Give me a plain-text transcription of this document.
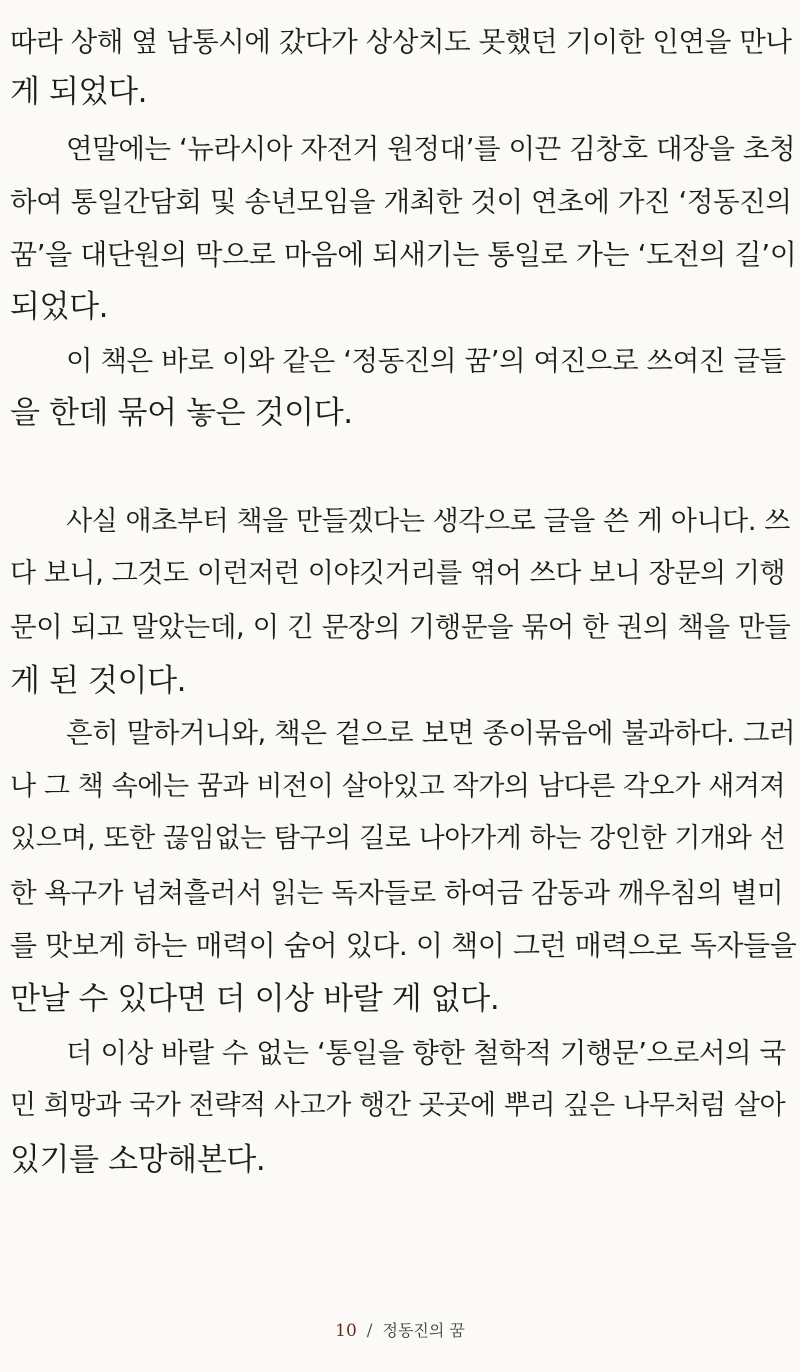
따라 상해 옆 남통시에 갔다가 상상치도 못했던 기이한 인연을 만나
게 되었다.
연말에는 ‘뉴라시아 자전거 원정대’를 이끈 김창호 대장을 초청
하여 통일간담회 및 송년모임을 개최한 것이 연초에 가진 ‘정동진의
꿈’을 대단원의 막으로 마음에 되새기는 통일로 가는 ‘도전의 길’이
되었다.
이 책은 바로 이와 같은 ‘정동진의 꿈’의 여진으로 쓰여진 글들
을 한데 묶어 놓은 것이다.
사실 애초부터 책을 만들겠다는 생각으로 글을 쓴 게 아니다. 쓰
다 보니, 그것도 이런저런 이야깃거리를 엮어 쓰다 보니 장문의 기행
문이 되고 말았는데, 이 긴 문장의 기행문을 묶어 한 권의 책을 만들
게 된 것이다.
흔히 말하거니와, 책은 겉으로 보면 종이묶음에 불과하다. 그러
나 그 책 속에는 꿈과 비전이 살아있고 작가의 남다른 각오가 새겨져
있으며, 또한 끊임없는 탐구의 길로 나아가게 하는 강인한 기개와 선
한 욕구가 넘쳐흘러서 읽는 독자들로 하여금 감동과 깨우침의 별미
를 맛보게 하는 매력이 숨어 있다. 이 책이 그런 매력으로 독자들을
만날 수 있다면 더 이상 바랄 게 없다.
더 이상 바랄 수 없는 ‘통일을 향한 철학적 기행문’으로서의 국
민 희망과 국가 전략적 사고가 행간 곳곳에 뿌리 깊은 나무처럼 살아
있기를 소망해본다.
10 / 정동진의 꿈
